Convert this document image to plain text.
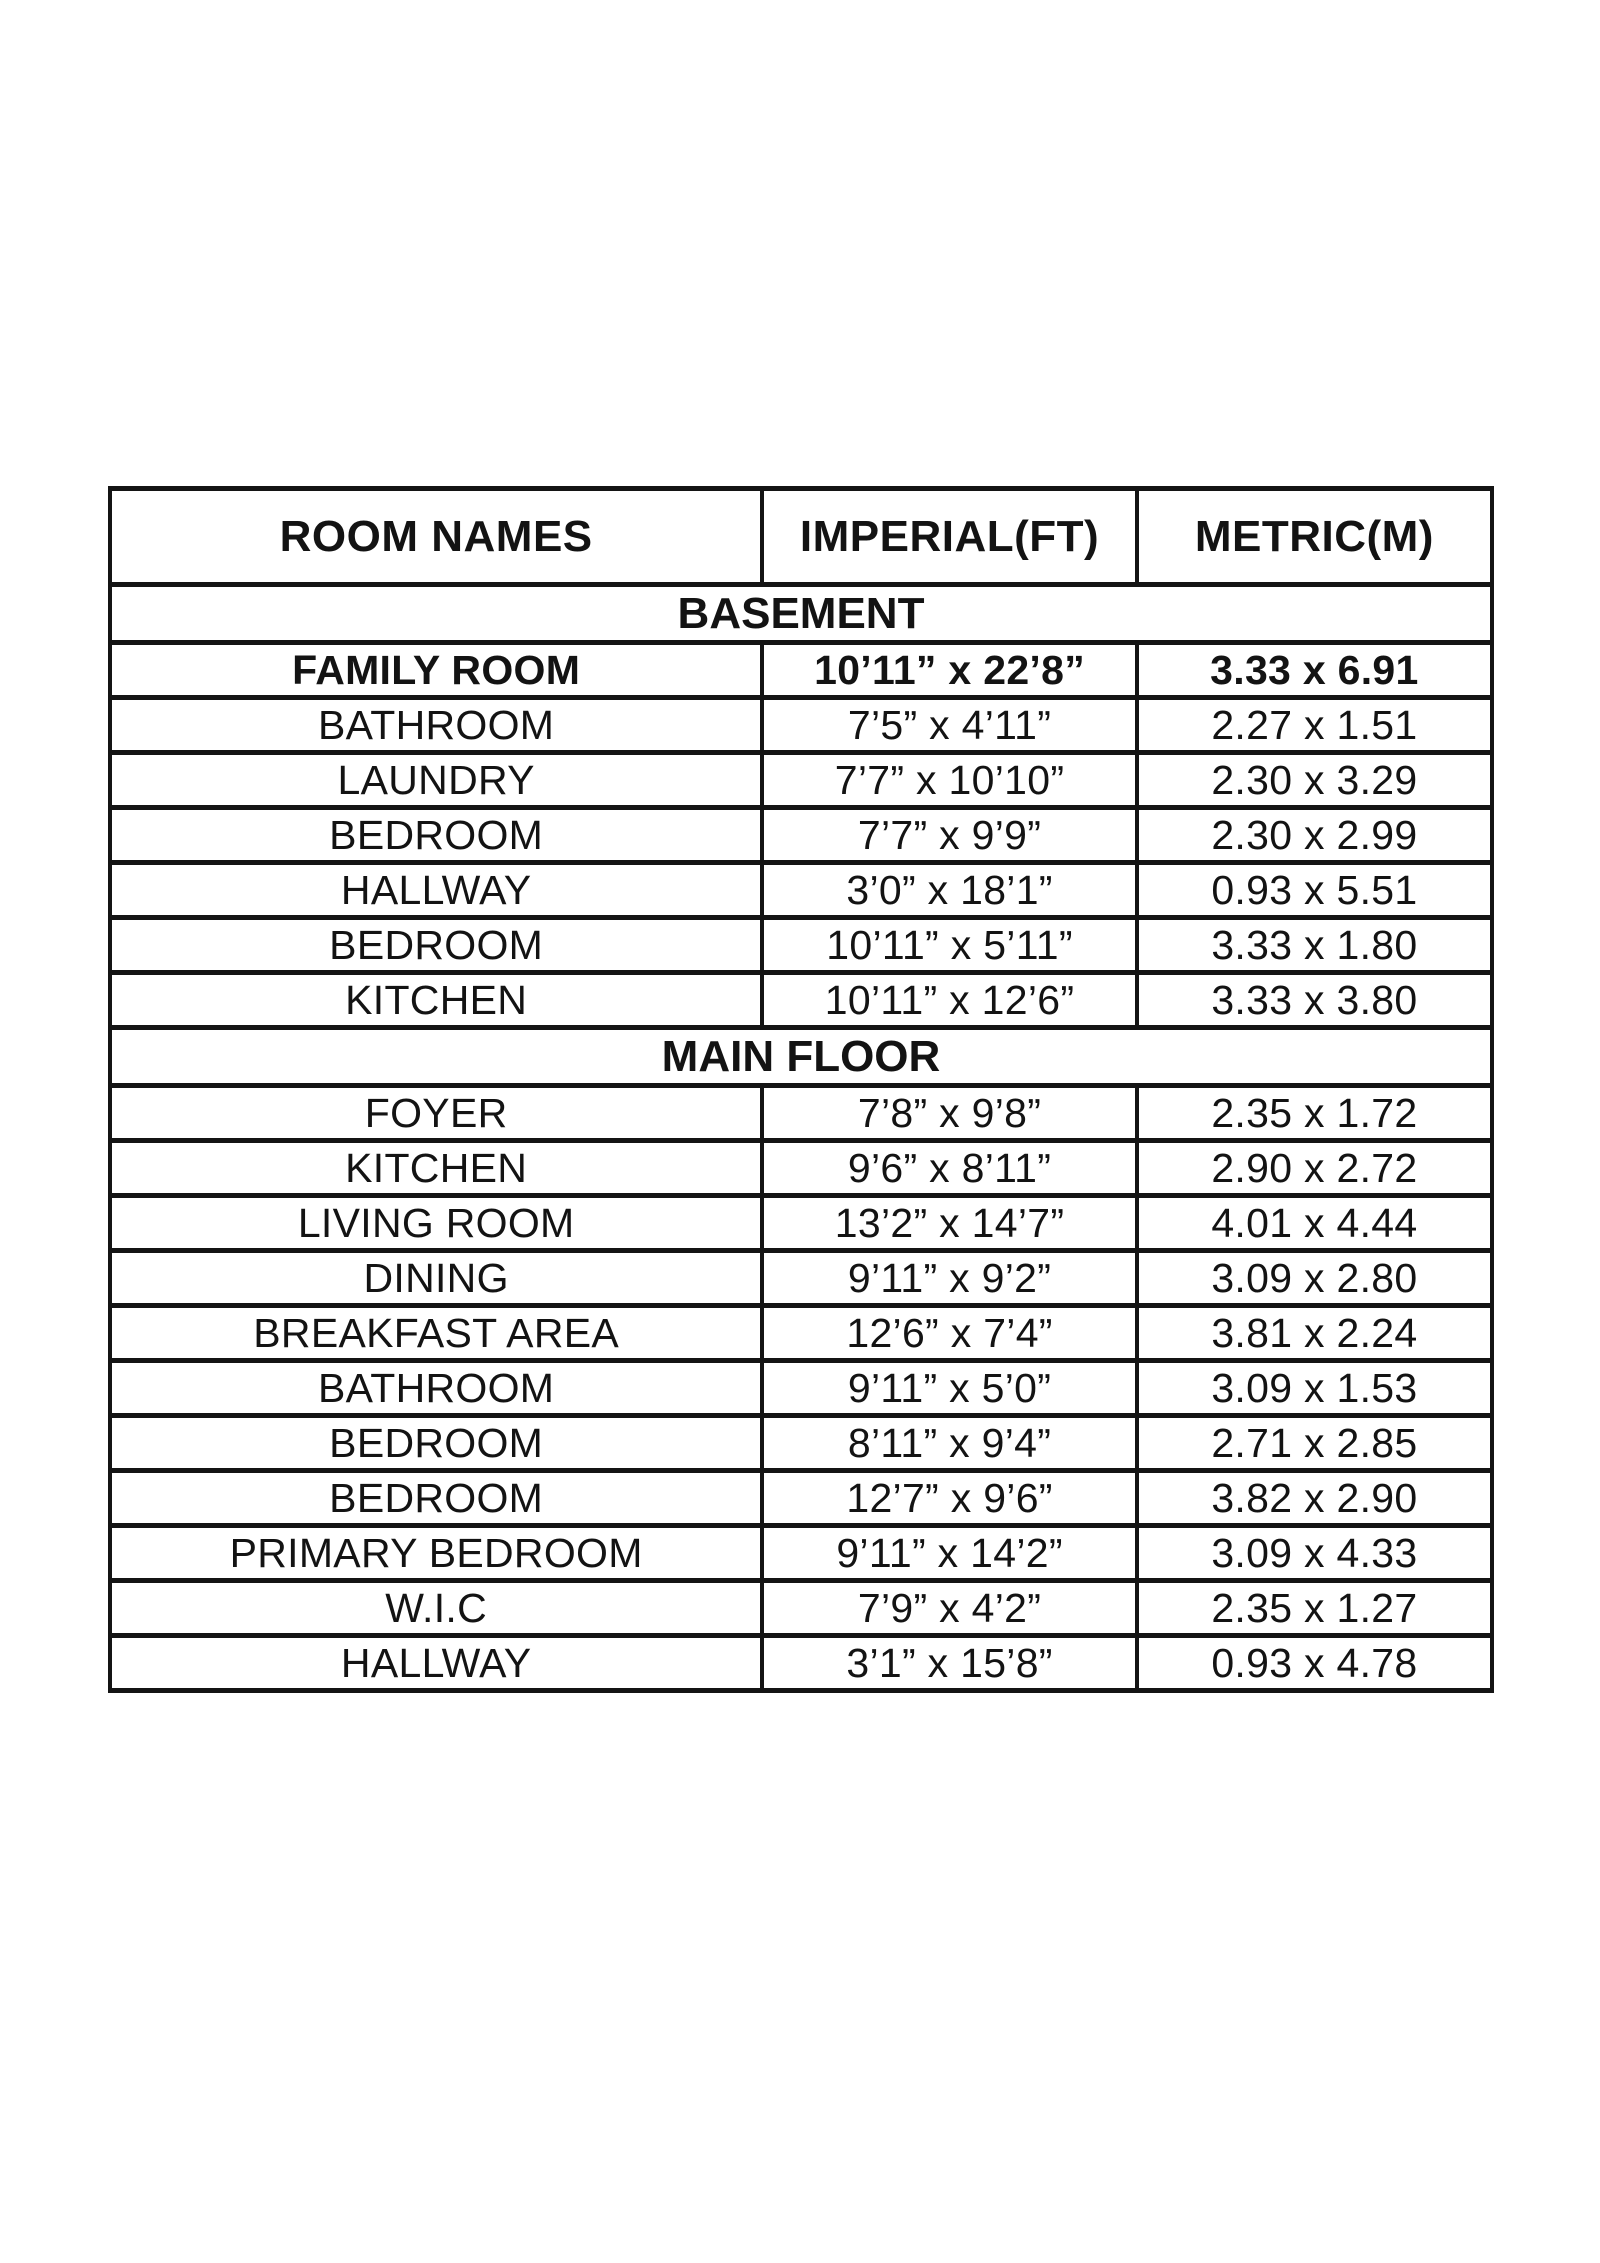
ROOM NAMES	IMPERIAL(FT)	METRIC(M)
BASEMENT		
FAMILY ROOM	10’11” x 22’8”	3.33 x 6.91
BATHROOM	7’5” x 4’11”	2.27 x 1.51
LAUNDRY	7’7” x 10’10”	2.30 x 3.29
BEDROOM	7’7” x 9’9”	2.30 x 2.99
HALLWAY	3’0” x 18’1”	0.93 x 5.51
BEDROOM	10’11” x 5’11”	3.33 x 1.80
KITCHEN	10’11” x 12’6”	3.33 x 3.80
MAIN FLOOR		
FOYER	7’8” x 9’8”	2.35 x 1.72
KITCHEN	9’6” x 8’11”	2.90 x 2.72
LIVING ROOM	13’2” x 14’7”	4.01 x 4.44
DINING	9’11” x 9’2”	3.09 x 2.80
BREAKFAST AREA	12’6” x 7’4”	3.81 x 2.24
BATHROOM	9’11” x 5’0”	3.09 x 1.53
BEDROOM	8’11” x 9’4”	2.71 x 2.85
BEDROOM	12’7” x 9’6”	3.82 x 2.90
PRIMARY BEDROOM	9’11” x 14’2”	3.09 x 4.33
W.I.C	7’9” x 4’2”	2.35 x 1.27
HALLWAY	3’1” x 15’8”	0.93 x 4.78
